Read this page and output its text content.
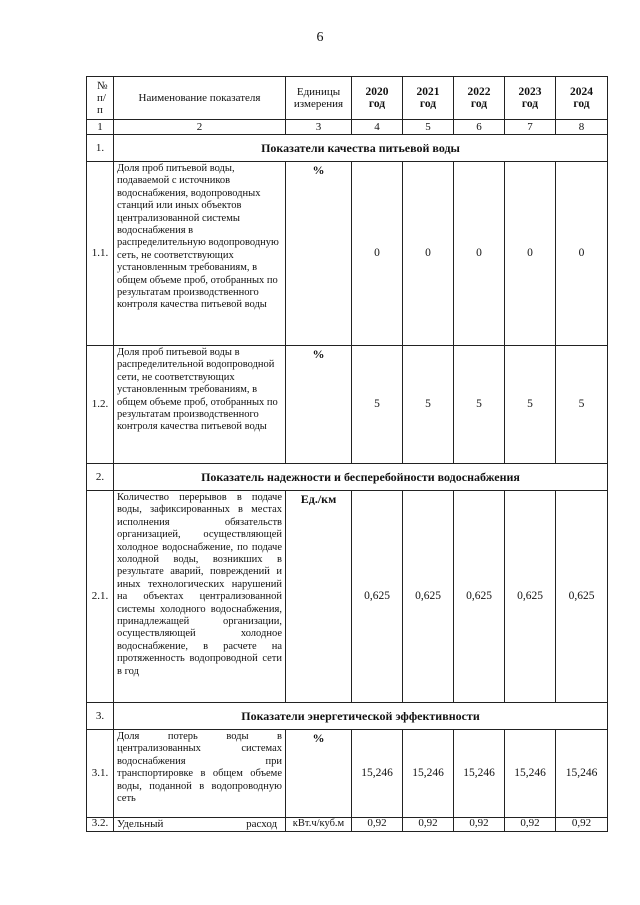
6
№ п/п	Наименование показателя	Единицы измерения	2020 год	2021 год	2022 год	2023 год	2024 год
1	2	3	4	5	6	7	8
1.	Показатели качества питьевой воды						
1.1.	Доля проб питьевой воды, подаваемой с источников водоснабжения, водопроводных станций или иных объектов централизованной системы водоснабжения в распределительную водопроводную сеть, не соответствующих установленным требованиям, в общем объеме проб, отобранных по результатам производственного контроля качества питьевой воды	%	0	0	0	0	0
1.2.	Доля проб питьевой воды в распределительной водопроводной сети, не соответствующих установленным требованиям, в общем объеме проб, отобранных по результатам производственного контроля качества питьевой воды	%	5	5	5	5	5
2.	Показатель надежности и бесперебойности водоснабжения						
2.1.	Количество перерывов в подаче воды, зафиксированных в местах исполнения обязательств организацией, осуществляющей холодное водоснабжение, по подаче холодной воды, возникших в результате аварий, повреждений и иных технологических нарушений на объектах централизованной системы холодного водоснабжения, принадлежащей организации, осуществляющей холодное водоснабжение, в расчете на протяженность водопроводной сети в год	Ед./км	0,625	0,625	0,625	0,625	0,625
3.	Показатели энергетической эффективности						
3.1.	Доля потерь воды в централизованных системах водоснабжения при транспортировке в общем объеме воды, поданной в водопроводную сеть	%	15,246	15,246	15,246	15,246	15,246
3.2.	Удельный расход	кВт.ч/куб.м	0,92	0,92	0,92	0,92	0,92
